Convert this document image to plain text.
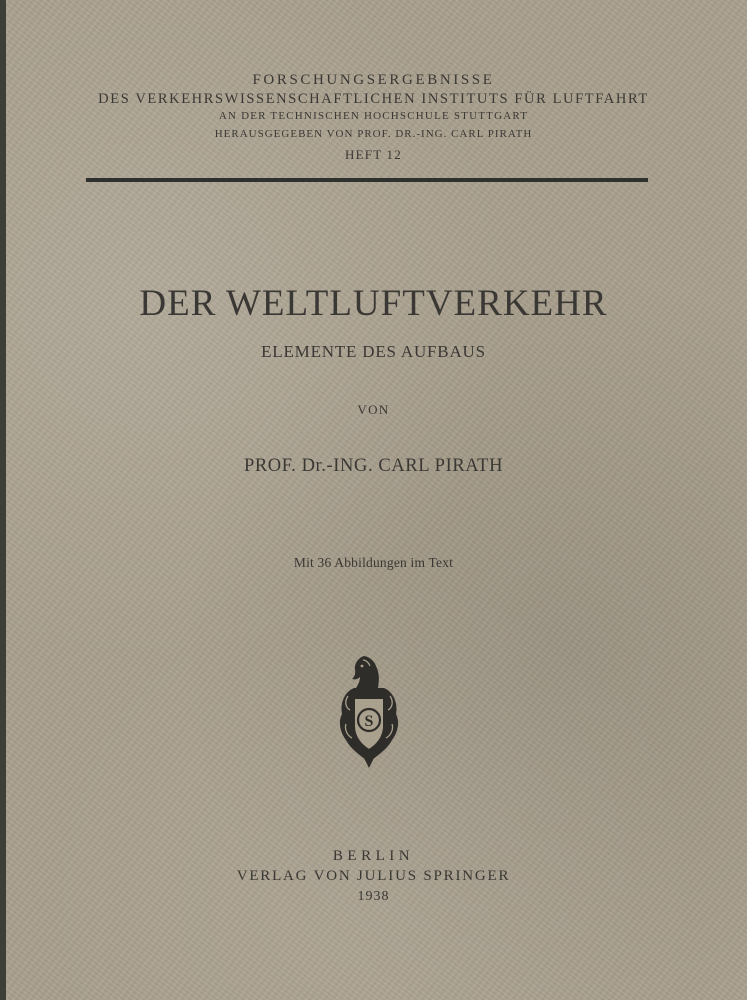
FORSCHUNGSERGEBNISSE

DES VERKEHRSWISSENSCHAFTLICHEN INSTITUTS FÜR LUFTFAHRT

AN DER TECHNISCHEN HOCHSCHULE STUTTGART

HERAUSGEGEBEN VON PROF. DR.-ING. CARL PIRATH

HEFT 12

DER WELTLUFTVERKEHR

ELEMENTE DES AUFBAUS

VON

PROF. Dr.-ING. CARL PIRATH

Mit 36 Abbildungen im Text

S

BERLIN

VERLAG VON JULIUS SPRINGER

1938
